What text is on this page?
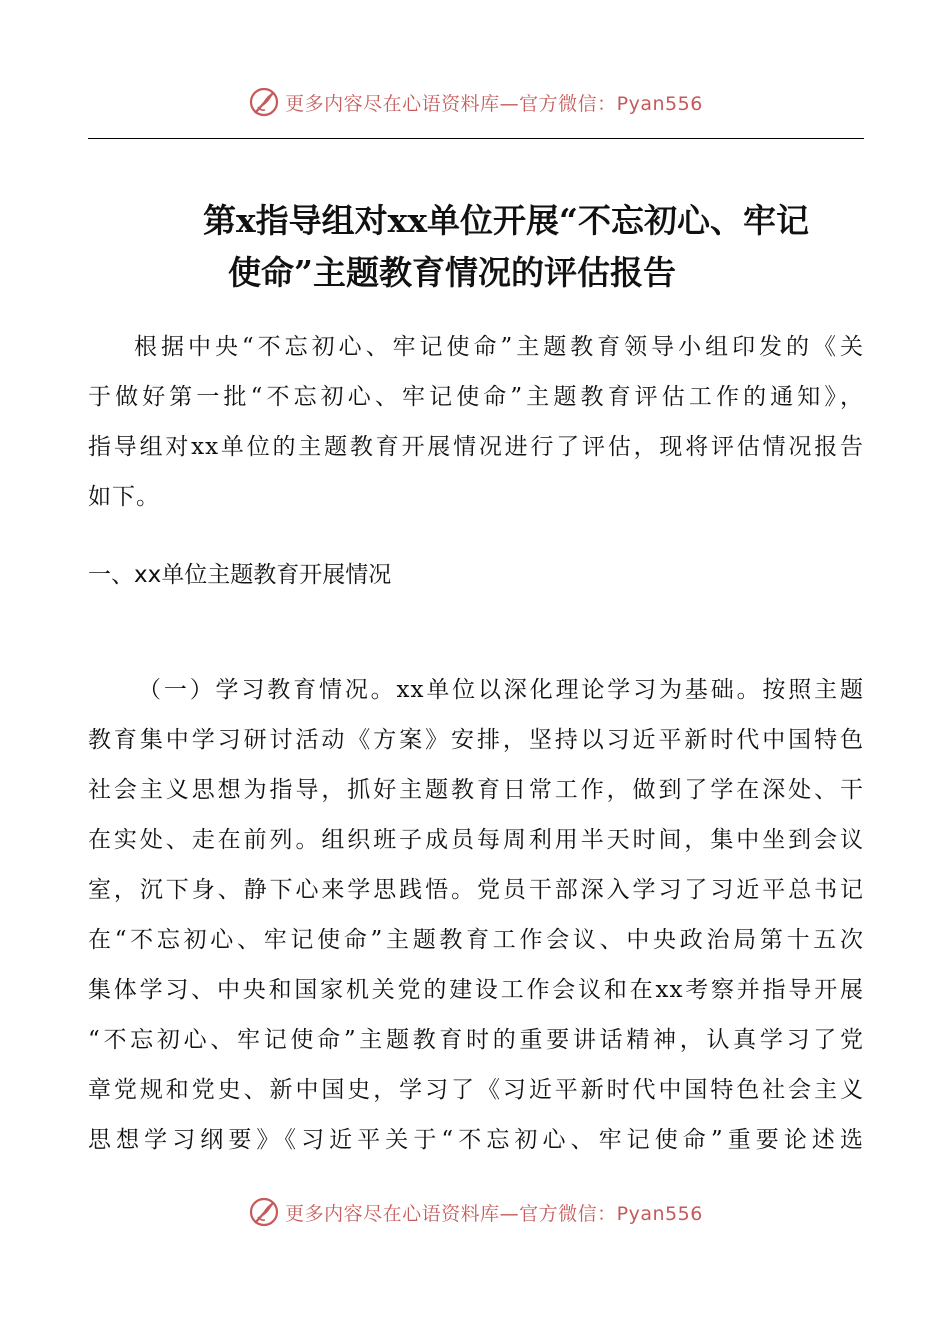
更多内容尽在心语资料库—官方微信：Pyan556
第x指导组对xx单位开展“不忘初心、牢记
使命”主题教育情况的评估报告
根据中央“不忘初心、牢记使命”主题教育领导小组印发的《关
于做好第一批“不忘初心、牢记使命”主题教育评估工作的通知》，
指导组对xx单位的主题教育开展情况进行了评估，现将评估情况报告
如下。
一、xx单位主题教育开展情况
（一）学习教育情况。xx单位以深化理论学习为基础。按照主题
教育集中学习研讨活动《方案》安排，坚持以习近平新时代中国特色
社会主义思想为指导，抓好主题教育日常工作，做到了学在深处、干
在实处、走在前列。组织班子成员每周利用半天时间，集中坐到会议
室，沉下身、静下心来学思践悟。党员干部深入学习了习近平总书记
在“不忘初心、牢记使命”主题教育工作会议、中央政治局第十五次
集体学习、中央和国家机关党的建设工作会议和在xx考察并指导开展
“不忘初心、牢记使命”主题教育时的重要讲话精神，认真学习了党
章党规和党史、新中国史，学习了《习近平新时代中国特色社会主义
思想学习纲要》《习近平关于“不忘初心、牢记使命”重要论述选
更多内容尽在心语资料库—官方微信：Pyan556
